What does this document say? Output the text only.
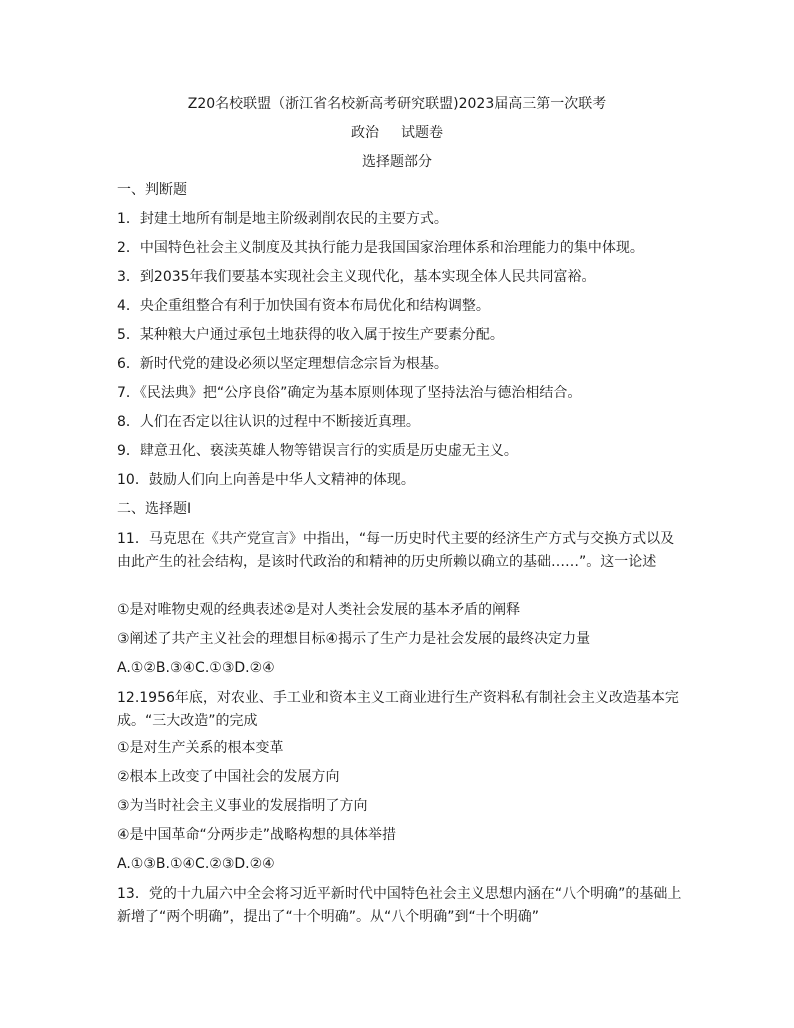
Z20名校联盟（浙江省名校新高考研究联盟)2023届高三第一次联考
政治 试题卷
选择题部分
一、判断题
1．封建土地所有制是地主阶级剥削农民的主要方式。
2．中国特色社会主义制度及其执行能力是我国国家治理体系和治理能力的集中体现。
3．到2035年我们要基本实现社会主义现代化，基本实现全体人民共同富裕。
4．央企重组整合有利于加快国有资本布局优化和结构调整。
5．某种粮大户通过承包土地获得的收入属于按生产要素分配。
6．新时代党的建设必须以坚定理想信念宗旨为根基。
7．《民法典》把“公序良俗”确定为基本原则体现了坚持法治与德治相结合。
8．人们在否定以往认识的过程中不断接近真理。
9．肆意丑化、亵渎英雄人物等错误言行的实质是历史虚无主义。
10．鼓励人们向上向善是中华人文精神的体现。
二、选择题I
11．马克思在《共产党宣言》中指出，“每一历史时代主要的经济生产方式与交换方式以及由此产生的社会结构，是该时代政治的和精神的历史所赖以确立的基础……”。这一论述
①是对唯物史观的经典表述②是对人类社会发展的基本矛盾的阐释
③阐述了共产主义社会的理想目标④揭示了生产力是社会发展的最终决定力量
A.①②B.③④C.①③D.②④
12.1956年底，对农业、手工业和资本主义工商业进行生产资料私有制社会主义改造基本完成。“三大改造”的完成
①是对生产关系的根本变革
②根本上改变了中国社会的发展方向
③为当时社会主义事业的发展指明了方向
④是中国革命“分两步走”战略构想的具体举措
A.①③B.①④C.②③D.②④
13．党的十九届六中全会将习近平新时代中国特色社会主义思想内涵在“八个明确”的基础上新增了“两个明确”，提出了“十个明确”。从“八个明确”到“十个明确”
